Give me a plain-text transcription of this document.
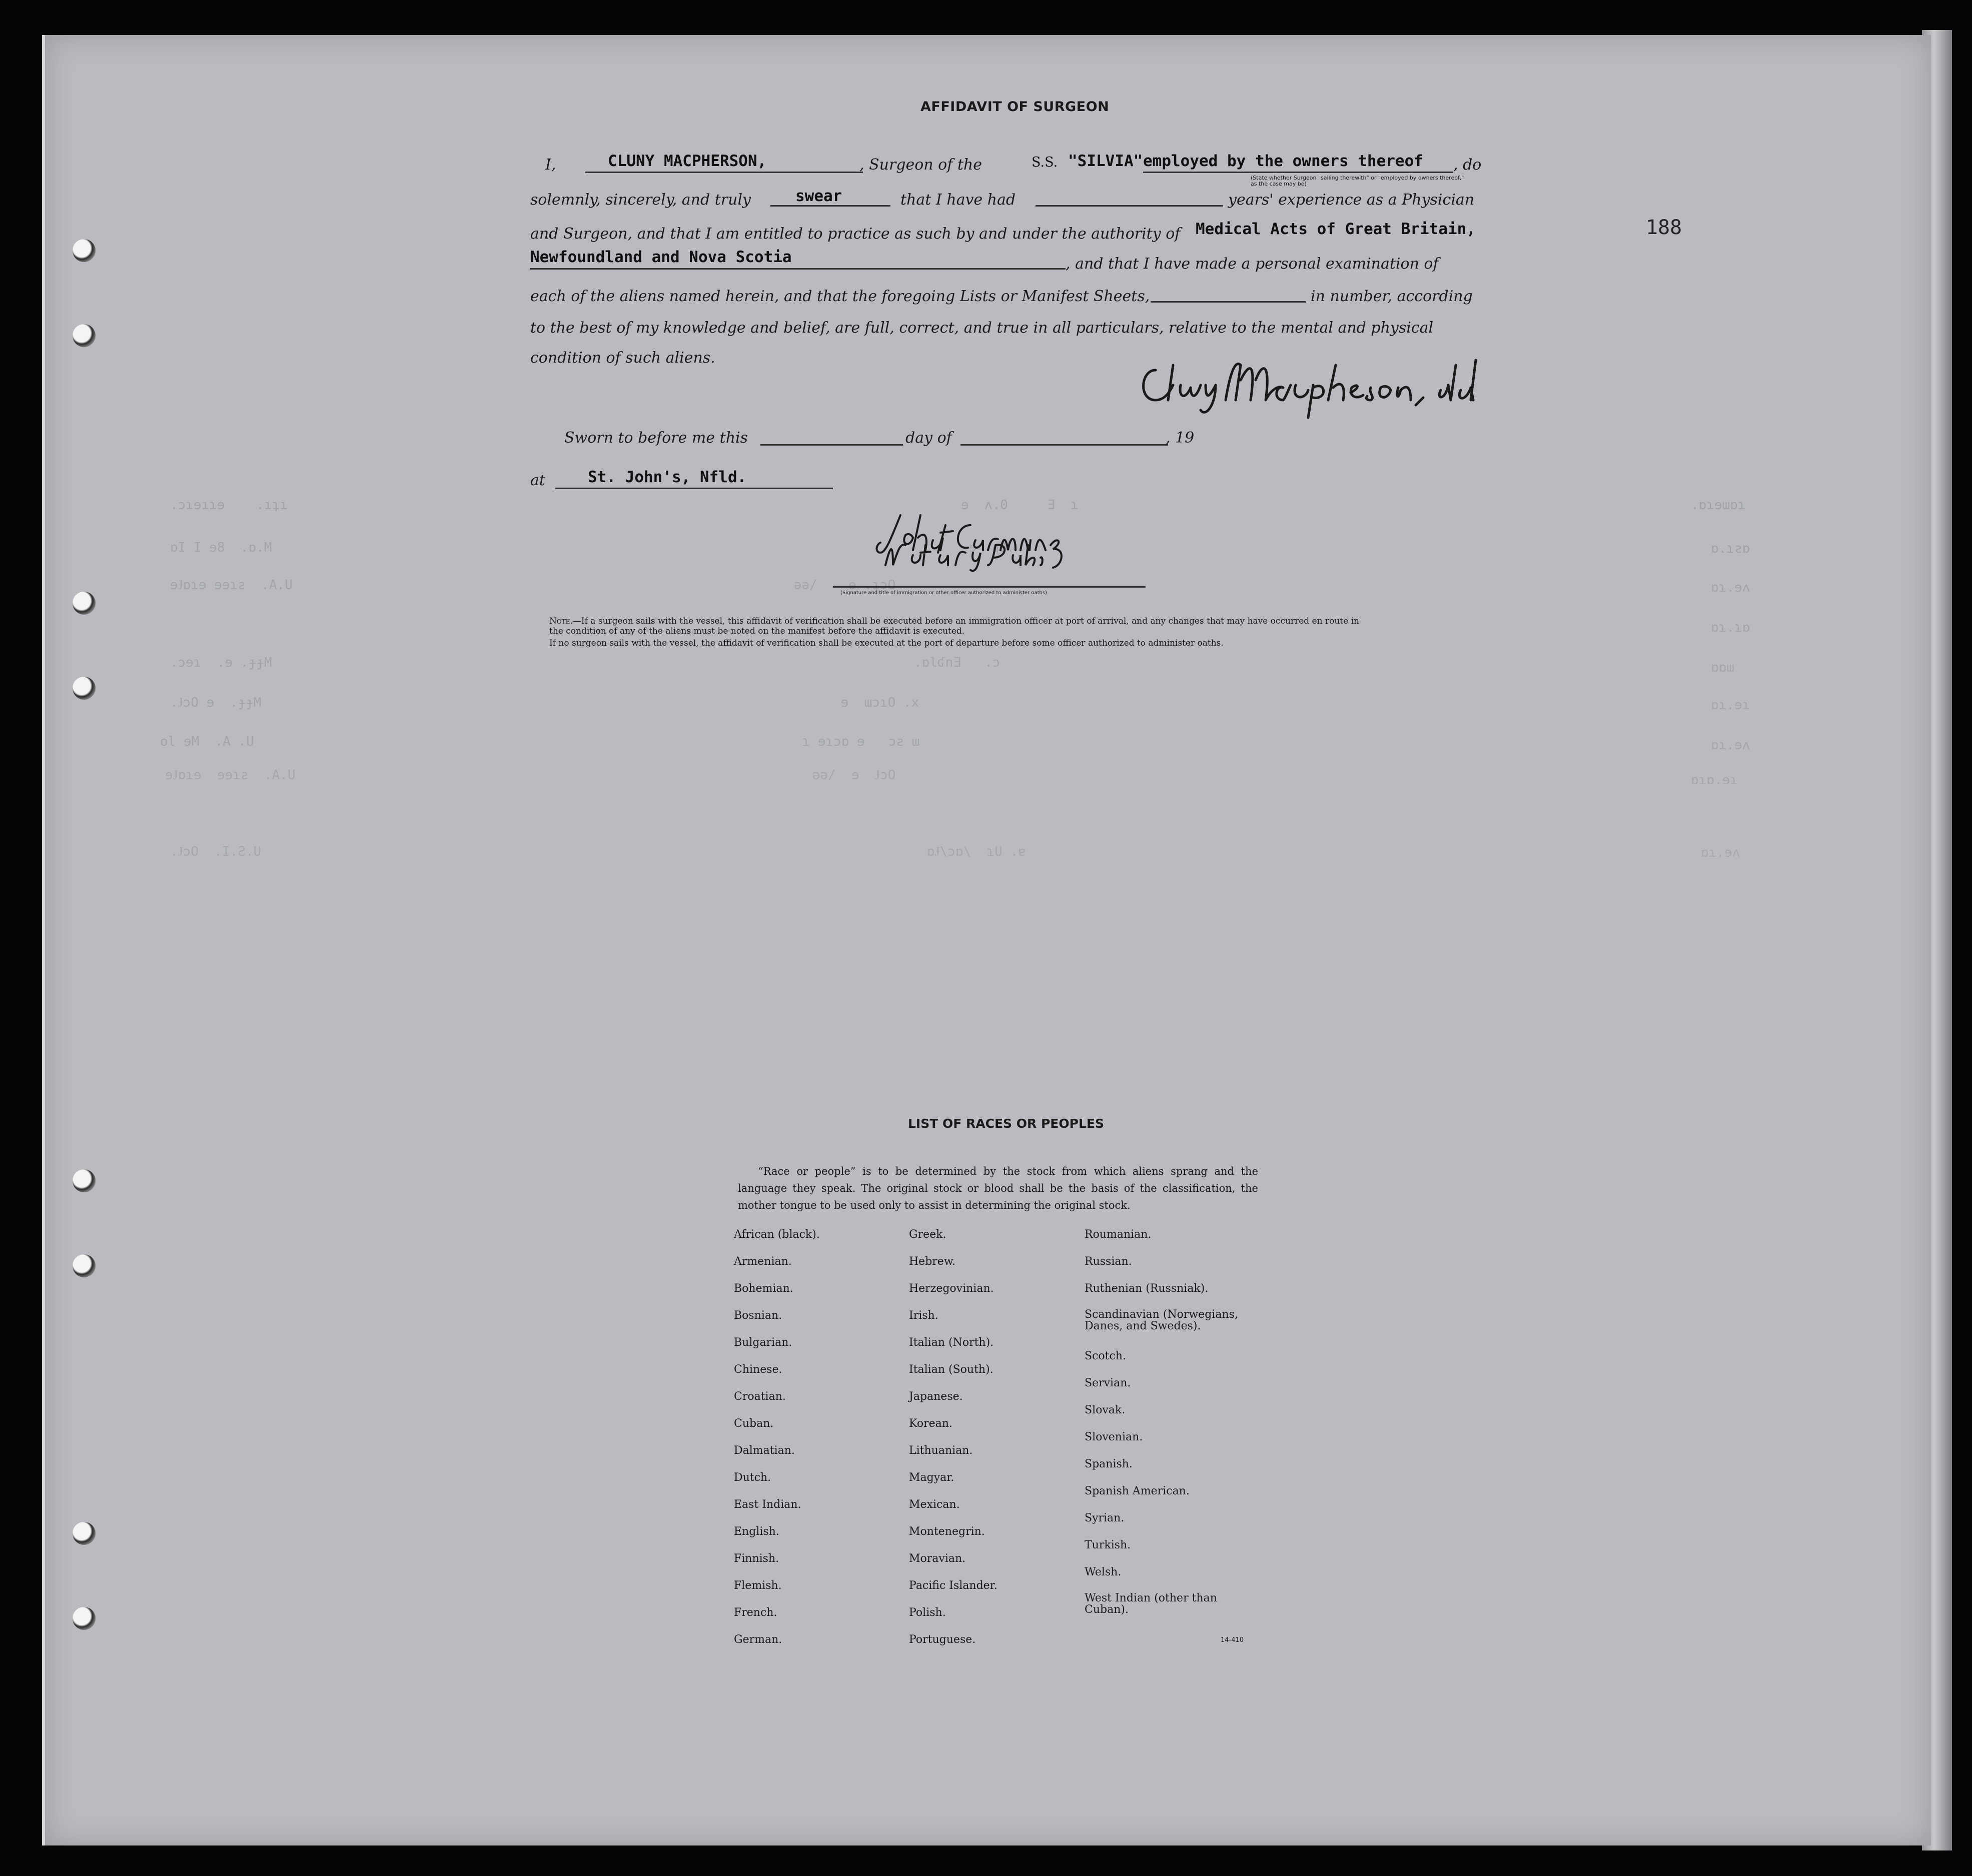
.ɔɿɘıɿɘ    .ıʇı                                                                                      ɘ  ʌ.0     Ǝ  ɿ
ɒI I ɘ8  .ɒ.M                                                                                         ɘ  ɋ0.
ɘɈɒɿɘ ɘɘɿƨ  .A.U                                                                ǝǝ/    ɘ .ʇɔO
.ɔɘɿ  .ɘ .ɟɟM                                                                                  .ɒlʛnƎ   .ɔ
.ɈɔO ɘ  .ɟɟM                                                                          ɘ  ɯɔɿO .x
ol ɘM  .A .U                                                                      ɿ ɘɿɔɒ ɘ   ɔƨ ɯ
ɘɈɒɿɘ  ɘɘɿƨ  .A.U                                                                  ǝǝ/  ɘ  ɈɔO
.ɈɔO  .I.Ƨ.U                                                                                     ɒɈ\ɔɒ\  ɿU .ɐ
.ɒɿɘɯɒɿ
ɒ.ɿƨɒ
ɒɿ.ɘʌ
ɒɿ.ɿɒ
ɒɒɯ
ɒɿ.ɘɿ
ɒɿ.ɘʌ
ɒɿɒ.ɘɿ
ɒɿ.ɘʌ
188
AFFIDAVIT OF SURGEON
I,	CLUNY MACPHERSON,	, Surgeon of the	S.S. "SILVIA" employed by the owners thereof , do
(State whether Surgeon "sailing therewith" or "employed by owners thereof," as the case may be)
solemnly, sincerely, and truly	swear	that I have had	years' experience as a Physician
and Surgeon, and that I am entitled to practice as such by and under the authority of Medical Acts of Great Britain,
Newfoundland and Nova Scotia	, and that I have made a personal examination of
each of the aliens named herein, and that the foregoing Lists or Manifest Sheets,	in number, according
to the best of my knowledge and belief, are full, correct, and true in all particulars, relative to the mental and physical
condition of such aliens.
Sworn to before me this	day of	, 19
at	St. John's, Nfld.
(Signature and title of immigration or other officer authorized to administer oaths)
Note.—If a surgeon sails with the vessel, this affidavit of verification shall be executed before an immigration officer at port of arrival, and any changes that may have occurred en route in
the condition of any of the aliens must be noted on the manifest before the affidavit is executed.
If no surgeon sails with the vessel, the affidavit of verification shall be executed at the port of departure before some officer authorized to administer oaths.
LIST OF RACES OR PEOPLES
“Race or people” is to be determined by the stock from which aliens sprang and the language they speak. The original stock or blood shall be the basis of the classification, the mother tongue to be used only to assist in determining the original stock.
African (black).
Armenian.
Bohemian.
Bosnian.
Bulgarian.
Chinese.
Croatian.
Cuban.
Dalmatian.
Dutch.
East Indian.
English.
Finnish.
Flemish.
French.
German.
Greek.
Hebrew.
Herzegovinian.
Irish.
Italian (North).
Italian (South).
Japanese.
Korean.
Lithuanian.
Magyar.
Mexican.
Montenegrin.
Moravian.
Pacific Islander.
Polish.
Portuguese.
Roumanian.
Russian.
Ruthenian (Russniak).
Scandinavian (Norwegians, Danes, and Swedes).
Scotch.
Servian.
Slovak.
Slovenian.
Spanish.
Spanish American.
Syrian.
Turkish.
Welsh.
West Indian (other than Cuban).
14-410
